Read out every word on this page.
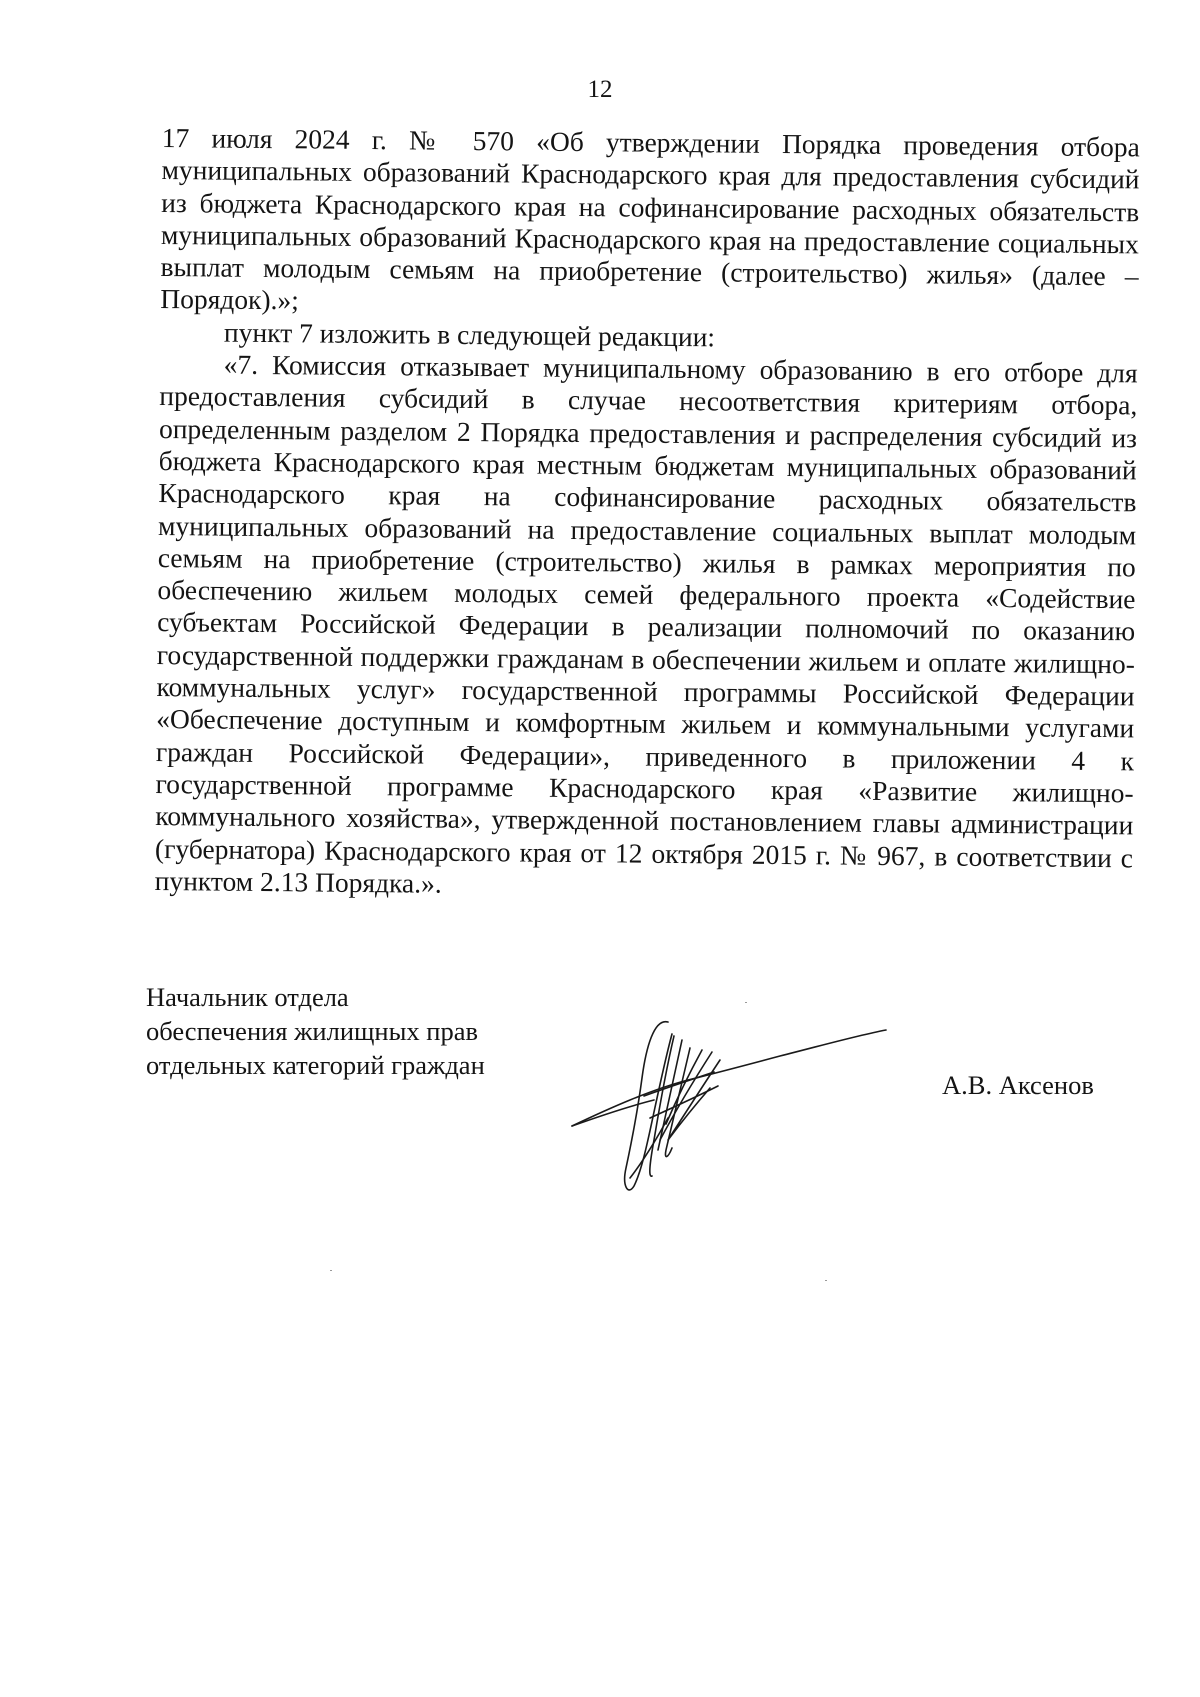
12

17 июля 2024 г. № 570 «Об утверждении Порядка проведения отбора муниципальных образований Краснодарского края для предоставления субсидий из бюджета Краснодарского края на софинансирование расходных обязательств муниципальных образований Краснодарского края на предоставление социальных выплат молодым семьям на приобретение (строительство) жилья» (далее – Порядок).»;

пункт 7 изложить в следующей редакции:

«7. Комиссия отказывает муниципальному образованию в его отборе для предоставления субсидий в случае несоответствия критериям отбора, определенным разделом 2 Порядка предоставления и распределения субсидий из бюджета Краснодарского края местным бюджетам муниципальных образований Краснодарского края на софинансирование расходных обязательств муниципальных образований на предоставление социальных выплат молодым семьям на приобретение (строительство) жилья в рамках мероприятия по обеспечению жильем молодых семей федерального проекта «Содействие субъектам Российской Федерации в реализации полномочий по оказанию государственной поддержки гражданам в обеспечении жильем и оплате жилищно-коммунальных услуг» государственной программы Российской Федерации «Обеспечение доступным и комфортным жильем и коммунальными услугами граждан Российской Федерации», приведенного в приложении 4 к государственной программе Краснодарского края «Развитие жилищно-коммунального хозяйства», утвержденной постановлением главы администрации (губернатора) Краснодарского края от 12 октября 2015 г. № 967, в соответствии с пунктом 2.13 Порядка.».

Начальник отдела
обеспечения жилищных прав
отдельных категорий граждан
А.В. Аксенов
